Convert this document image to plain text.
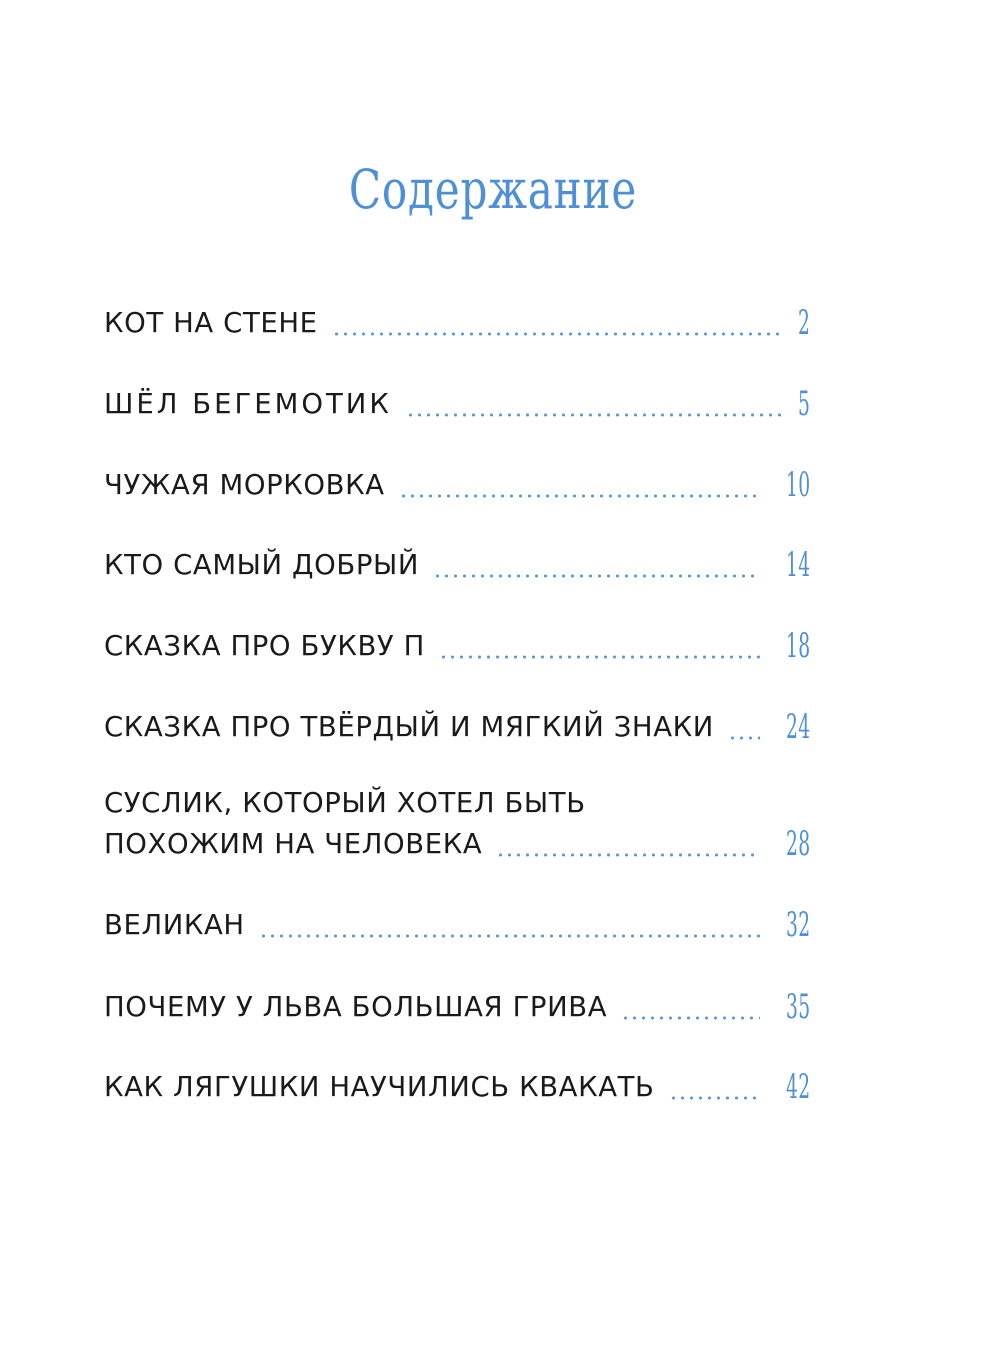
Содержание
КОТ НА СТЕНЕ	2
ШЁЛ БЕГЕМОТИК	5
ЧУЖАЯ МОРКОВКА	10
КТО САМЫЙ ДОБРЫЙ	14
СКАЗКА ПРО БУКВУ П	18
СКАЗКА ПРО ТВЁРДЫЙ И МЯГКИЙ ЗНАКИ 24
СУСЛИК, КОТОРЫЙ ХОТЕЛ БЫТЬ
ПОХОЖИМ НА ЧЕЛОВЕКА	28
ВЕЛИКАН	32
ПОЧЕМУ У ЛЬВА БОЛЬШАЯ ГРИВА	35
КАК ЛЯГУШКИ НАУЧИЛИСЬ КВАКАТЬ	42
